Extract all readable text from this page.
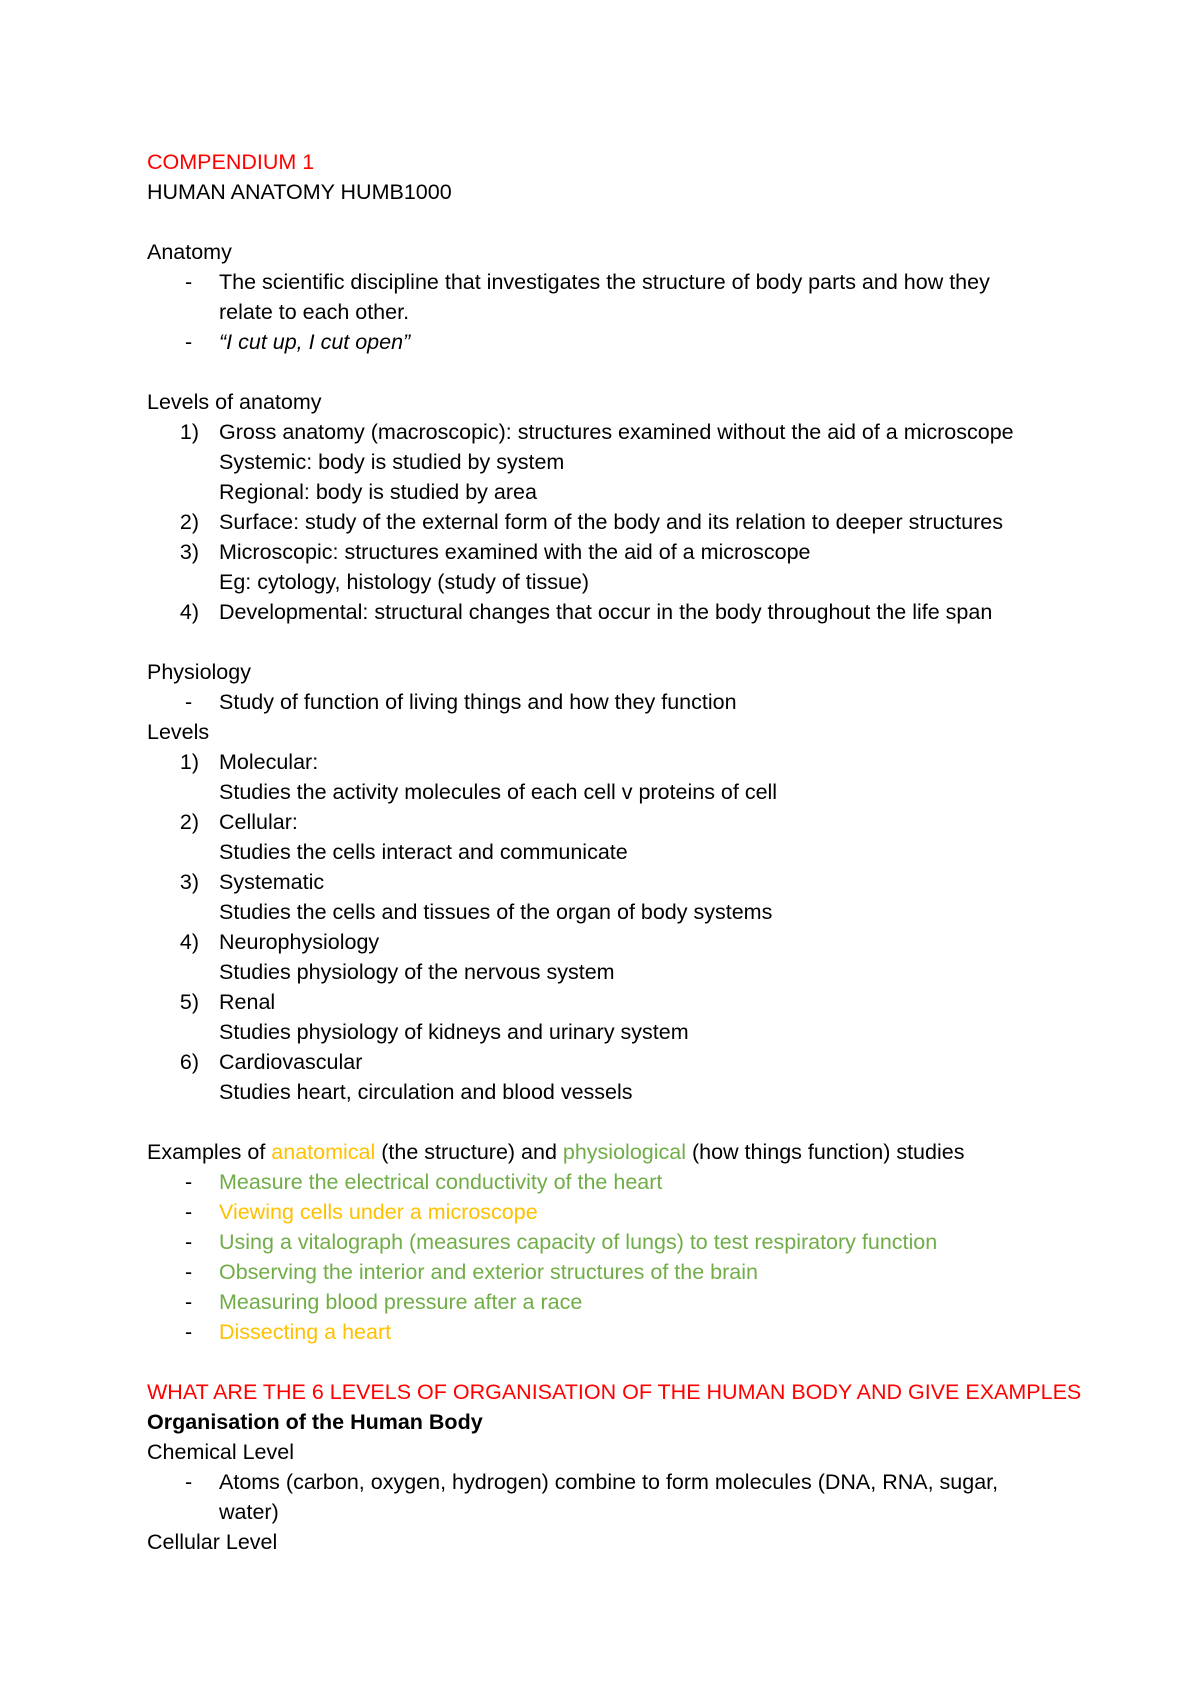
COMPENDIUM 1
HUMAN ANATOMY HUMB1000
Anatomy
-	The scientific discipline that investigates the structure of body parts and how they
relate to each other.
-	“I cut up, I cut open”
Levels of anatomy
1) Gross anatomy (macroscopic): structures examined without the aid of a microscope
Systemic: body is studied by system
Regional: body is studied by area
2) Surface: study of the external form of the body and its relation to deeper structures
3) Microscopic: structures examined with the aid of a microscope
Eg: cytology, histology (study of tissue)
4) Developmental: structural changes that occur in the body throughout the life span
Physiology
-	Study of function of living things and how they function
Levels
1) Molecular:
Studies the activity molecules of each cell v proteins of cell
2) Cellular:
Studies the cells interact and communicate
3) Systematic
Studies the cells and tissues of the organ of body systems
4) Neurophysiology
Studies physiology of the nervous system
5) Renal
Studies physiology of kidneys and urinary system
6) Cardiovascular
Studies heart, circulation and blood vessels
Examples of anatomical (the structure) and physiological (how things function) studies
-	Measure the electrical conductivity of the heart
-	Viewing cells under a microscope
-	Using a vitalograph (measures capacity of lungs) to test respiratory function
-	Observing the interior and exterior structures of the brain
-	Measuring blood pressure after a race
-	Dissecting a heart
WHAT ARE THE 6 LEVELS OF ORGANISATION OF THE HUMAN BODY AND GIVE EXAMPLES
Organisation of the Human Body
Chemical Level
-	Atoms (carbon, oxygen, hydrogen) combine to form molecules (DNA, RNA, sugar,
water)
Cellular Level
